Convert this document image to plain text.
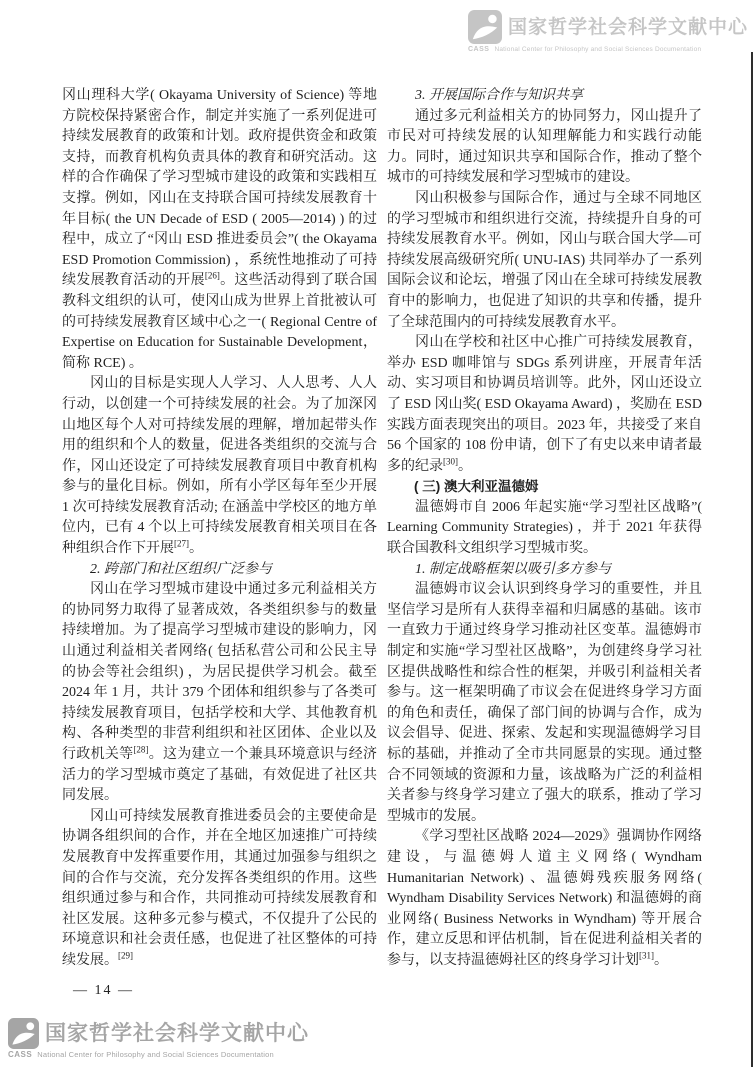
国家哲学社会科学文献中心
CASS National Center for Philosophy and Social Sciences Documentation

冈山理科大学( Okayama University of Science) 等地方院校保持紧密合作，制定并实施了一系列促进可持续发展教育的政策和计划。政府提供资金和政策支持，而教育机构负责具体的教育和研究活动。这样的合作确保了学习型城市建设的政策和实践相互支撑。例如，冈山在支持联合国可持续发展教育十年目标( the UN Decade of ESD ( 2005—2014) ) 的过程中，成立了“冈山 ESD 推进委员会”( the Okayama ESD Promotion Commission) ，系统性地推动了可持续发展教育活动的开展[26]。这些活动得到了联合国教科文组织的认可，使冈山成为世界上首批被认可的可持续发展教育区域中心之一( Regional Centre of Expertise on Education for Sustainable Development，简称 RCE) 。

冈山的目标是实现人人学习、人人思考、人人行动，以创建一个可持续发展的社会。为了加深冈山地区每个人对可持续发展的理解，增加起带头作用的组织和个人的数量，促进各类组织的交流与合作，冈山还设定了可持续发展教育项目中教育机构参与的量化目标。例如，所有小学区每年至少开展 1 次可持续发展教育活动; 在涵盖中学校区的地方单位内，已有 4 个以上可持续发展教育相关项目在各种组织合作下开展[27]。

2. 跨部门和社区组织广泛参与

冈山在学习型城市建设中通过多元利益相关方的协同努力取得了显著成效，各类组织参与的数量持续增加。为了提高学习型城市建设的影响力，冈山通过利益相关者网络( 包括私营公司和公民主导的协会等社会组织) ，为居民提供学习机会。截至 2024 年 1 月，共计 379 个团体和组织参与了各类可持续发展教育项目，包括学校和大学、其他教育机构、各种类型的非营利组织和社区团体、企业以及行政机关等[28]。这为建立一个兼具环境意识与经济活力的学习型城市奠定了基础，有效促进了社区共同发展。

冈山可持续发展教育推进委员会的主要使命是协调各组织间的合作，并在全地区加速推广可持续发展教育中发挥重要作用，其通过加强参与组织之间的合作与交流，充分发挥各类组织的作用。这些组织通过参与和合作，共同推动可持续发展教育和社区发展。这种多元参与模式，不仅提升了公民的环境意识和社会责任感，也促进了社区整体的可持续发展。[29]

3. 开展国际合作与知识共享

通过多元利益相关方的协同努力，冈山提升了市民对可持续发展的认知理解能力和实践行动能力。同时，通过知识共享和国际合作，推动了整个城市的可持续发展和学习型城市的建设。

冈山积极参与国际合作，通过与全球不同地区的学习型城市和组织进行交流，持续提升自身的可持续发展教育水平。例如，冈山与联合国大学—可持续发展高级研究所( UNU-IAS) 共同举办了一系列国际会议和论坛，增强了冈山在全球可持续发展教育中的影响力，也促进了知识的共享和传播，提升了全球范围内的可持续发展教育水平。

冈山在学校和社区中心推广可持续发展教育，举办 ESD 咖啡馆与 SDGs 系列讲座，开展青年活动、实习项目和协调员培训等。此外，冈山还设立了 ESD 冈山奖( ESD Okayama Award) ，奖励在 ESD 实践方面表现突出的项目。2023 年，共接受了来自 56 个国家的 108 份申请，创下了有史以来申请者最多的纪录[30]。

( 三) 澳大利亚温德姆

温德姆市自 2006 年起实施“学习型社区战略”( Learning Community Strategies) ，并于 2021 年获得联合国教科文组织学习型城市奖。

1. 制定战略框架以吸引多方参与

温德姆市议会认识到终身学习的重要性，并且坚信学习是所有人获得幸福和归属感的基础。该市一直致力于通过终身学习推动社区变革。温德姆市制定和实施“学习型社区战略”，为创建终身学习社区提供战略性和综合性的框架，并吸引利益相关者参与。这一框架明确了市议会在促进终身学习方面的角色和责任，确保了部门间的协调与合作，成为议会倡导、促进、探索、发起和实现温德姆学习目标的基础，并推动了全市共同愿景的实现。通过整合不同领域的资源和力量，该战略为广泛的利益相关者参与终身学习建立了强大的联系，推动了学习型城市的发展。

《学习型社区战略 2024—2029》强调协作网络建设，与温德姆人道主义网络( Wyndham Humanitarian Network) 、温德姆残疾服务网络( Wyndham Disability Services Network) 和温德姆的商业网络( Business Networks in Wyndham) 等开展合作，建立反思和评估机制，旨在促进利益相关者的参与，以支持温德姆社区的终身学习计划[31]。

— 14 —
国家哲学社会科学文献中心
CASS National Center for Philosophy and Social Sciences Documentation
